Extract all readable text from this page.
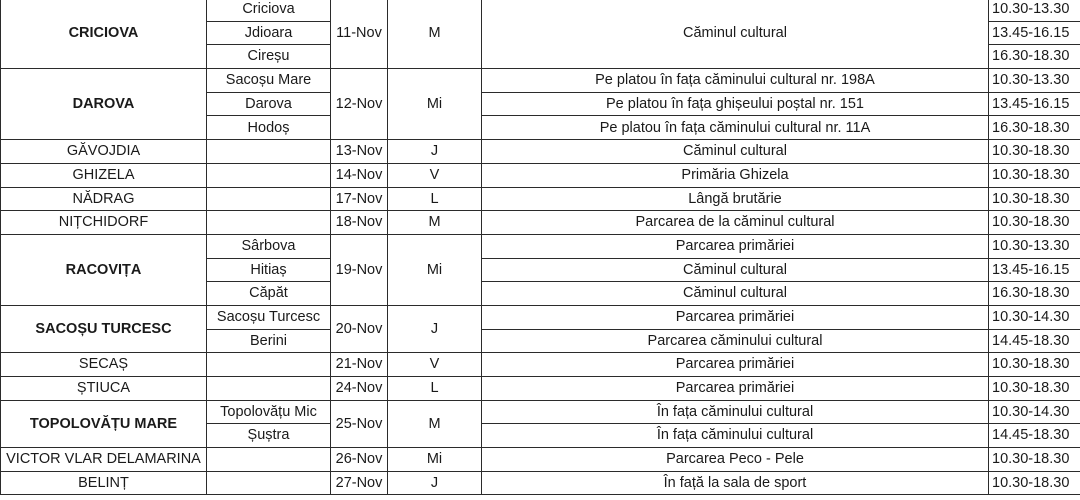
CRICIOVA	Criciova	11-Nov	M	Căminul cultural	10.30-13.30
	Jdioara				13.45-16.15
	Cireșu				16.30-18.30
DAROVA	Sacoșu Mare	12-Nov	Mi	Pe platou în fața căminului cultural nr. 198A	10.30-13.30
	Darova			Pe platou în fața ghișeului poștal nr. 151	13.45-16.15
	Hodoș			Pe platou în fața căminului cultural nr. 11A	16.30-18.30
GĂVOJDIA		13-Nov	J	Căminul cultural	10.30-18.30
GHIZELA		14-Nov	V	Primăria Ghizela	10.30-18.30
NĂDRAG		17-Nov	L	Lângă brutărie	10.30-18.30
NIȚCHIDORF		18-Nov	M	Parcarea de la căminul cultural	10.30-18.30
RACOVIȚA	Sârbova	19-Nov	Mi	Parcarea primăriei	10.30-13.30
	Hitiaș			Căminul cultural	13.45-16.15
	Căpăt			Căminul cultural	16.30-18.30
SACOȘU TURCESC	Sacoșu Turcesc	20-Nov	J	Parcarea primăriei	10.30-14.30
	Berini			Parcarea căminului cultural	14.45-18.30
SECAȘ		21-Nov	V	Parcarea primăriei	10.30-18.30
ȘTIUCA		24-Nov	L	Parcarea primăriei	10.30-18.30
TOPOLOVĂȚU MARE	Topolovățu Mic	25-Nov	M	În fața căminului cultural	10.30-14.30
	Șuștra			În fața căminului cultural	14.45-18.30
VICTOR VLAR DELAMARINA		26-Nov	Mi	Parcarea Peco - Pele	10.30-18.30
BELINȚ		27-Nov	J	În față la sala de sport	10.30-18.30
